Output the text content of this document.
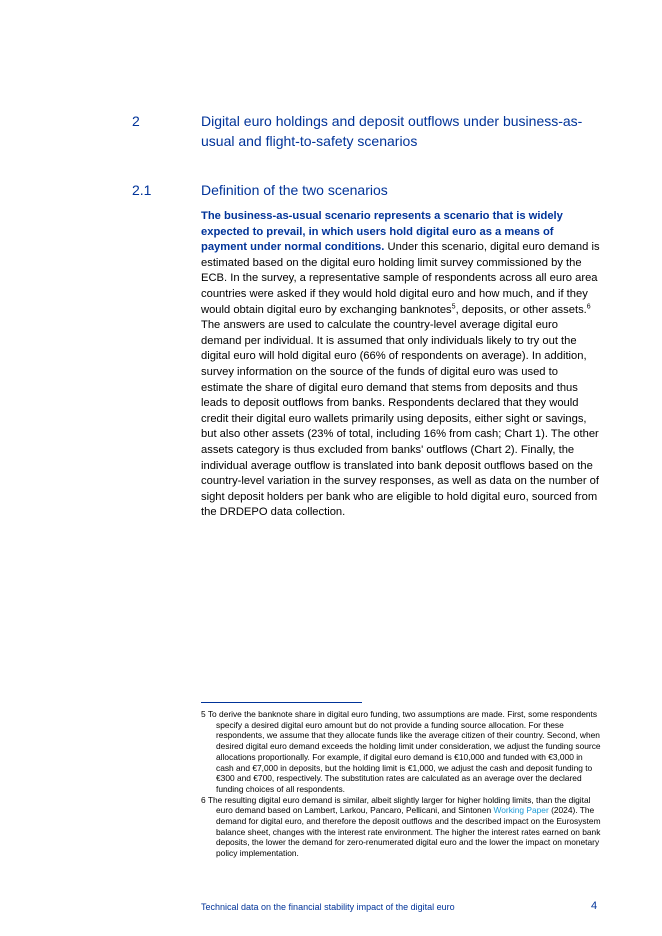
2	Digital euro holdings and deposit outflows under business-as-usual and flight-to-safety scenarios
2.1	Definition of the two scenarios
The business-as-usual scenario represents a scenario that is widely expected to prevail, in which users hold digital euro as a means of payment under normal conditions. Under this scenario, digital euro demand is estimated based on the digital euro holding limit survey commissioned by the ECB. In the survey, a representative sample of respondents across all euro area countries were asked if they would hold digital euro and how much, and if they would obtain digital euro by exchanging banknotes$^5$, deposits, or other assets.$^6$ The answers are used to calculate the country-level average digital euro demand per individual. It is assumed that only individuals likely to try out the digital euro will hold digital euro (66% of respondents on average). In addition, survey information on the source of the funds of digital euro was used to estimate the share of digital euro demand that stems from deposits and thus leads to deposit outflows from banks. Respondents declared that they would credit their digital euro wallets primarily using deposits, either sight or savings, but also other assets (23% of total, including 16% from cash; Chart 1). The other assets category is thus excluded from banks' outflows (Chart 2). Finally, the individual average outflow is translated into bank deposit outflows based on the country-level variation in the survey responses, as well as data on the number of sight deposit holders per bank who are eligible to hold digital euro, sourced from the DRDEPO data collection.
5 To derive the banknote share in digital euro funding, two assumptions are made. First, some respondents specify a desired digital euro amount but do not provide a funding source allocation. For these respondents, we assume that they allocate funds like the average citizen of their country. Second, when desired digital euro demand exceeds the holding limit under consideration, we adjust the funding source allocations proportionally. For example, if digital euro demand is €10,000 and funded with €3,000 in cash and €7,000 in deposits, but the holding limit is €1,000, we adjust the cash and deposit funding to €300 and €700, respectively. The substitution rates are calculated as an average over the declared funding choices of all respondents.
6 The resulting digital euro demand is similar, albeit slightly larger for higher holding limits, than the digital euro demand based on Lambert, Larkou, Pancaro, Pellicani, and Sintonen Working Paper (2024). The demand for digital euro, and therefore the deposit outflows and the described impact on the Eurosystem balance sheet, changes with the interest rate environment. The higher the interest rates earned on bank deposits, the lower the demand for zero-renumerated digital euro and the lower the impact on monetary policy implementation.
Technical data on the financial stability impact of the digital euro	4
